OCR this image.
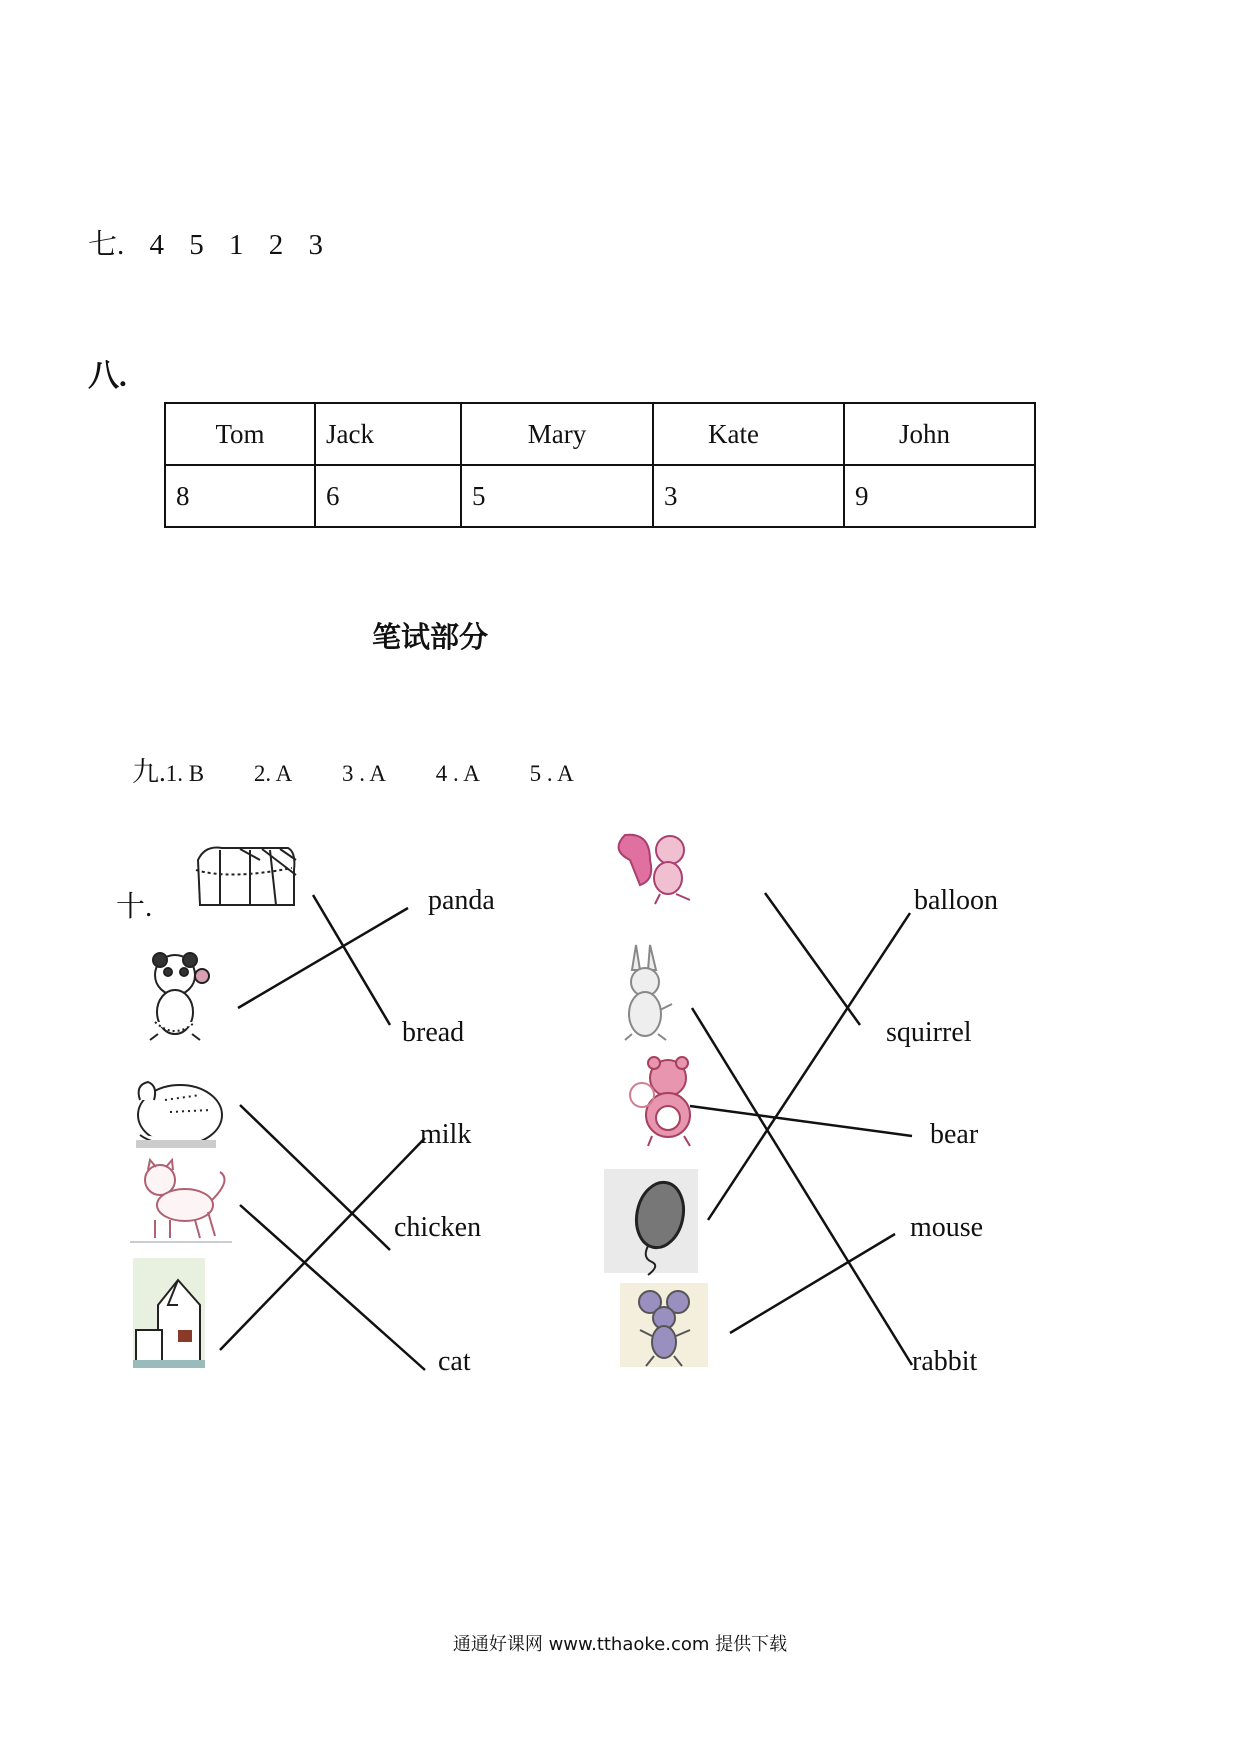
七. 4 5 1 2 3
八.
Tom	Jack	Mary	Kate	John
8	6	5	3	9
笔试部分
九.1. B 2. A 3 . A 4 . A 5 . A
十.	panda
bread
milk
chicken
cat
balloon
squirrel
bear
mouse
rabbit
通通好课网 www.tthaoke.com 提供下载
